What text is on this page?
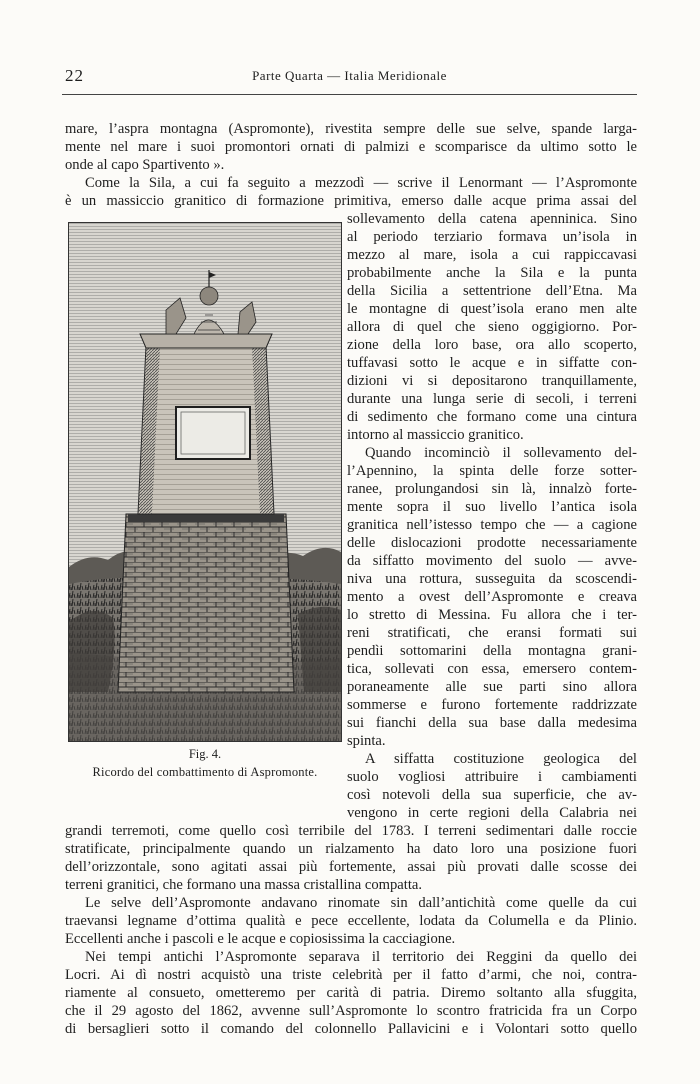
22	Parte Quarta — Italia Meridionale
mare, l’aspra montagna (Aspromonte), rivestita sempre delle sue selve, spande larga-
mente nel mare i suoi promontori ornati di palmizi e scomparisce da ultimo sotto le
onde al capo Spartivento ».
Come la Sila, a cui fa seguito a mezzodì — scrive il Lenormant — l’Aspromonte
è un massiccio granitico di formazione primitiva, emerso dalle acque prima assai del
sollevamento della catena apenninica. Sino
al periodo terziario formava un’isola in
mezzo al mare, isola a cui rappiccavasi
probabilmente anche la Sila e la punta
della Sicilia a settentrione dell’Etna. Ma
le montagne di quest’isola erano men alte
allora di quel che sieno oggigiorno. Por-
zione della loro base, ora allo scoperto,
tuffavasi sotto le acque e in siffatte con-
dizioni vi si depositarono tranquillamente,
durante una lunga serie di secoli, i terreni
di sedimento che formano come una cintura
intorno al massiccio granitico.
Quando incominciò il sollevamento del-
l’Apennino, la spinta delle forze sotter-
ranee, prolungandosi sin là, innalzò forte-
mente sopra il suo livello l’antica isola
granitica nell’istesso tempo che — a cagione
delle dislocazioni prodotte necessariamente
da siffatto movimento del suolo — avve-
niva una rottura, susseguita da scoscendi-
mento a ovest dell’Aspromonte e creava
lo stretto di Messina. Fu allora che i ter-
reni stratificati, che eransi formati sui
pendìi sottomarini della montagna grani-
tica, sollevati con essa, emersero contem-
poraneamente alle sue parti sino allora
sommerse e furono fortemente raddrizzate
sui fianchi della sua base dalla medesima
spinta.
A siffatta costituzione geologica del
suolo vogliosi attribuire i cambiamenti
così notevoli della sua superficie, che av-
vengono in certe regioni della Calabria nei
grandi terremoti, come quello così terribile del 1783. I terreni sedimentari dalle roccie
stratificate, principalmente quando un rialzamento ha dato loro una posizione fuori
dell’orizzontale, sono agitati assai più fortemente, assai più provati dalle scosse dei
terreni granitici, che formano una massa cristallina compatta.
Le selve dell’Aspromonte andavano rinomate sin dall’antichità come quelle da cui
traevansi legname d’ottima qualità e pece eccellente, lodata da Columella e da Plinio.
Eccellenti anche i pascoli e le acque e copiosissima la cacciagione.
Nei tempi antichi l’Aspromonte separava il territorio dei Reggini da quello dei
Locri. Ai dì nostri acquistò una triste celebrità per il fatto d’armi, che noi, contra-
riamente al consueto, ometteremo per carità di patria. Diremo soltanto alla sfuggita,
che il 29 agosto del 1862, avvenne sull’Aspromonte lo scontro fratricida fra un Corpo
di bersaglieri sotto il comando del colonnello Pallavicini e i Volontari sotto quello
Fig. 4.
Ricordo del combattimento di Aspromonte.
